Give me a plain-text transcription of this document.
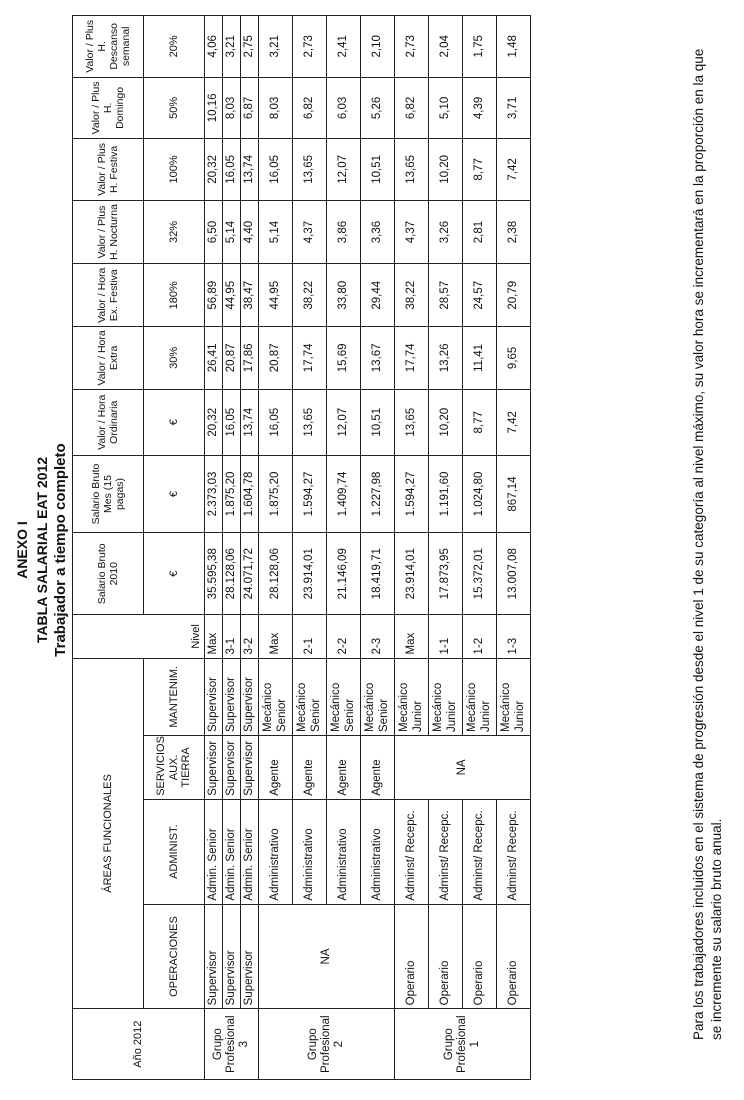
ANEXO I TABLA SALARIAL EAT 2012 Trabajador a tiempo completo
Año 2012	ÁREAS FUNCIONALES				Nivel	Salario Bruto 2010	Salario Bruto Mes (15 pagas)	Valor / Hora Ordinaria	Valor / Hora Extra	Valor / Hora Ex. Festiva	Valor / Plus H. Nocturna	Valor / Plus H. Festiva	Valor / Plus H. Domingo	Valor / Plus H. Descanso semanal
	OPERACIONES	ADMINIST.	SERVICIOS AUX. TIERRA	MANTENIM.		€	€	€	30%	180%	32%	100%	50%	20%
Grupo Profesional 3	Supervisor	Admin. Senior	Supervisor	Supervisor	Max	35.595,38	2.373,03	20,32	26,41	56,89	6,50	20,32	10,16	4,06
	Supervisor	Admin. Senior	Supervisor	Supervisor	3-1	28.128,06	1.875,20	16,05	20,87	44,95	5,14	16,05	8,03	3,21
	Supervisor	Admin. Senior	Supervisor	Supervisor	3-2	24.071,72	1.604,78	13,74	17,86	38,47	4,40	13,74	6,87	2,75
Grupo Profesional 2	NA	Administrativo	Agente	Mecánico Senior	Max	28.128,06	1.875,20	16,05	20,87	44,95	5,14	16,05	8,03	3,21
		Administrativo	Agente	Mecánico Senior	2-1	23.914,01	1.594,27	13,65	17,74	38,22	4,37	13,65	6,82	2,73
		Administrativo	Agente	Mecánico Senior	2-2	21.146,09	1.409,74	12,07	15,69	33,80	3,86	12,07	6,03	2,41
		Administrativo	Agente	Mecánico Senior	2-3	18.419,71	1.227,98	10,51	13,67	29,44	3,36	10,51	5,26	2,10
Grupo Profesional 1	Operario	Adminst/ Recepc.	NA	Mecánico Junior	Max	23.914,01	1.594,27	13,65	17,74	38,22	4,37	13,65	6,82	2,73
	Operario	Adminst/ Recepc.		Mecánico Junior	1-1	17.873,95	1.191,60	10,20	13,26	28,57	3,26	10,20	5,10	2,04
	Operario	Adminst/ Recepc.		Mecánico Junior	1-2	15.372,01	1.024,80	8,77	11,41	24,57	2,81	8,77	4,39	1,75
	Operario	Adminst/ Recepc.		Mecánico Junior	1-3	13.007,08	867,14	7,42	9,65	20,79	2,38	7,42	3,71	1,48
Para los trabajadores incluidos en el sistema de progresión desde el nivel 1 de su categoría al nivel máximo, su valor hora se incrementará en la proporción en la que se incremente su salario bruto anual.
